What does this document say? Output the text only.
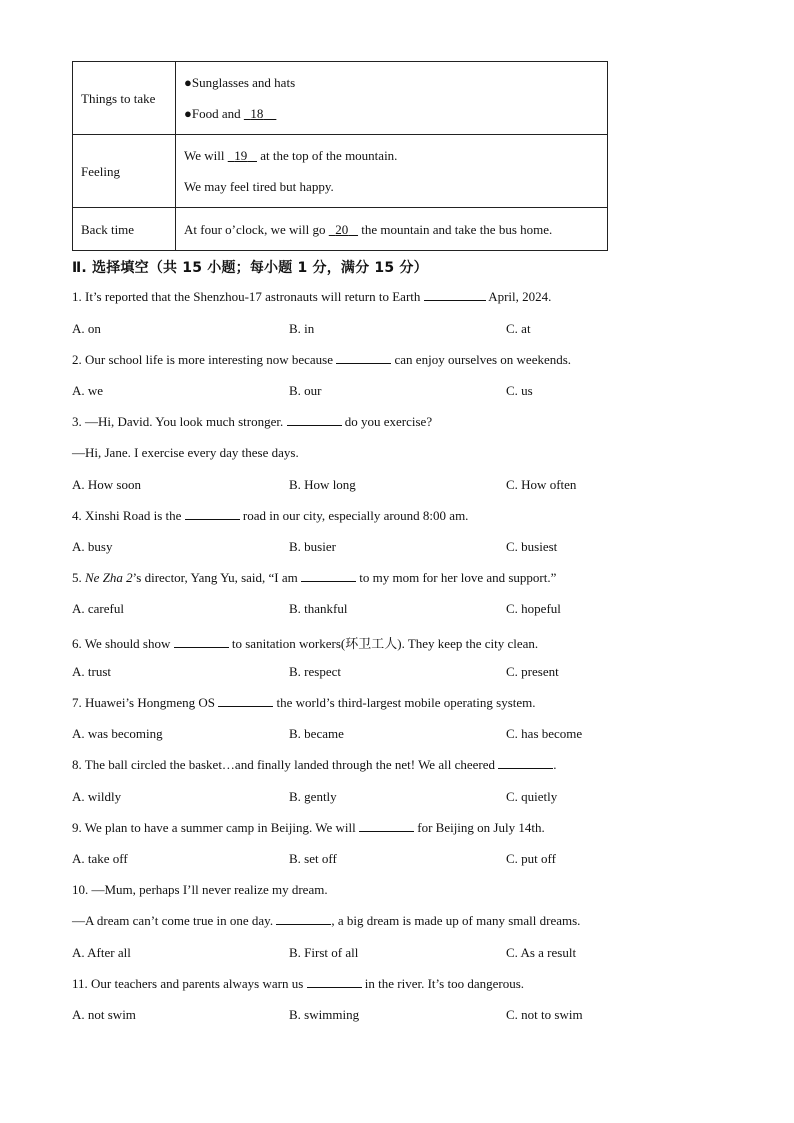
Things to take	●Sunglasses and hats
●Food and 18

Feeling	We will 19 at the top of the mountain.
We may feel tired but happy.

Back time	At four o’clock, we will go 20 the mountain and take the bus home.
Ⅱ. 选择填空（共 15 小题；每小题 1 分，满分 15 分）
1. It’s reported that the Shenzhou-17 astronauts will return to Earth	April, 2024.
A. on	B. in	C. at
2. Our school life is more interesting now because	can enjoy ourselves on weekends.
A. we	B. our	C. us
3. —Hi, David. You look much stronger.	do you exercise?
—Hi, Jane. I exercise every day these days.
A. How soon	B. How long	C. How often
4. Xinshi Road is the	road in our city, especially around 8:00 am.
A. busy	B. busier	C. busiest
5. Ne Zha 2’s director, Yang Yu, said, “I am	to my mom for her love and support.”
A. careful	B. thankful	C. hopeful
6. We should show	to sanitation workers(环卫工人). They keep the city clean.
A. trust	B. respect	C. present
7. Huawei’s Hongmeng OS	the world’s third-largest mobile operating system.
A. was becoming	B. became	C. has become
8. The ball circled the basket…and finally landed through the net! We all cheered	.
A. wildly	B. gently	C. quietly
9. We plan to have a summer camp in Beijing. We will	for Beijing on July 14th.
A. take off	B. set off	C. put off
10. —Mum, perhaps I’ll never realize my dream.
—A dream can’t come true in one day.	, a big dream is made up of many small dreams.
A. After all	B. First of all	C. As a result
11. Our teachers and parents always warn us	in the river. It’s too dangerous.
A. not swim	B. swimming	C. not to swim
